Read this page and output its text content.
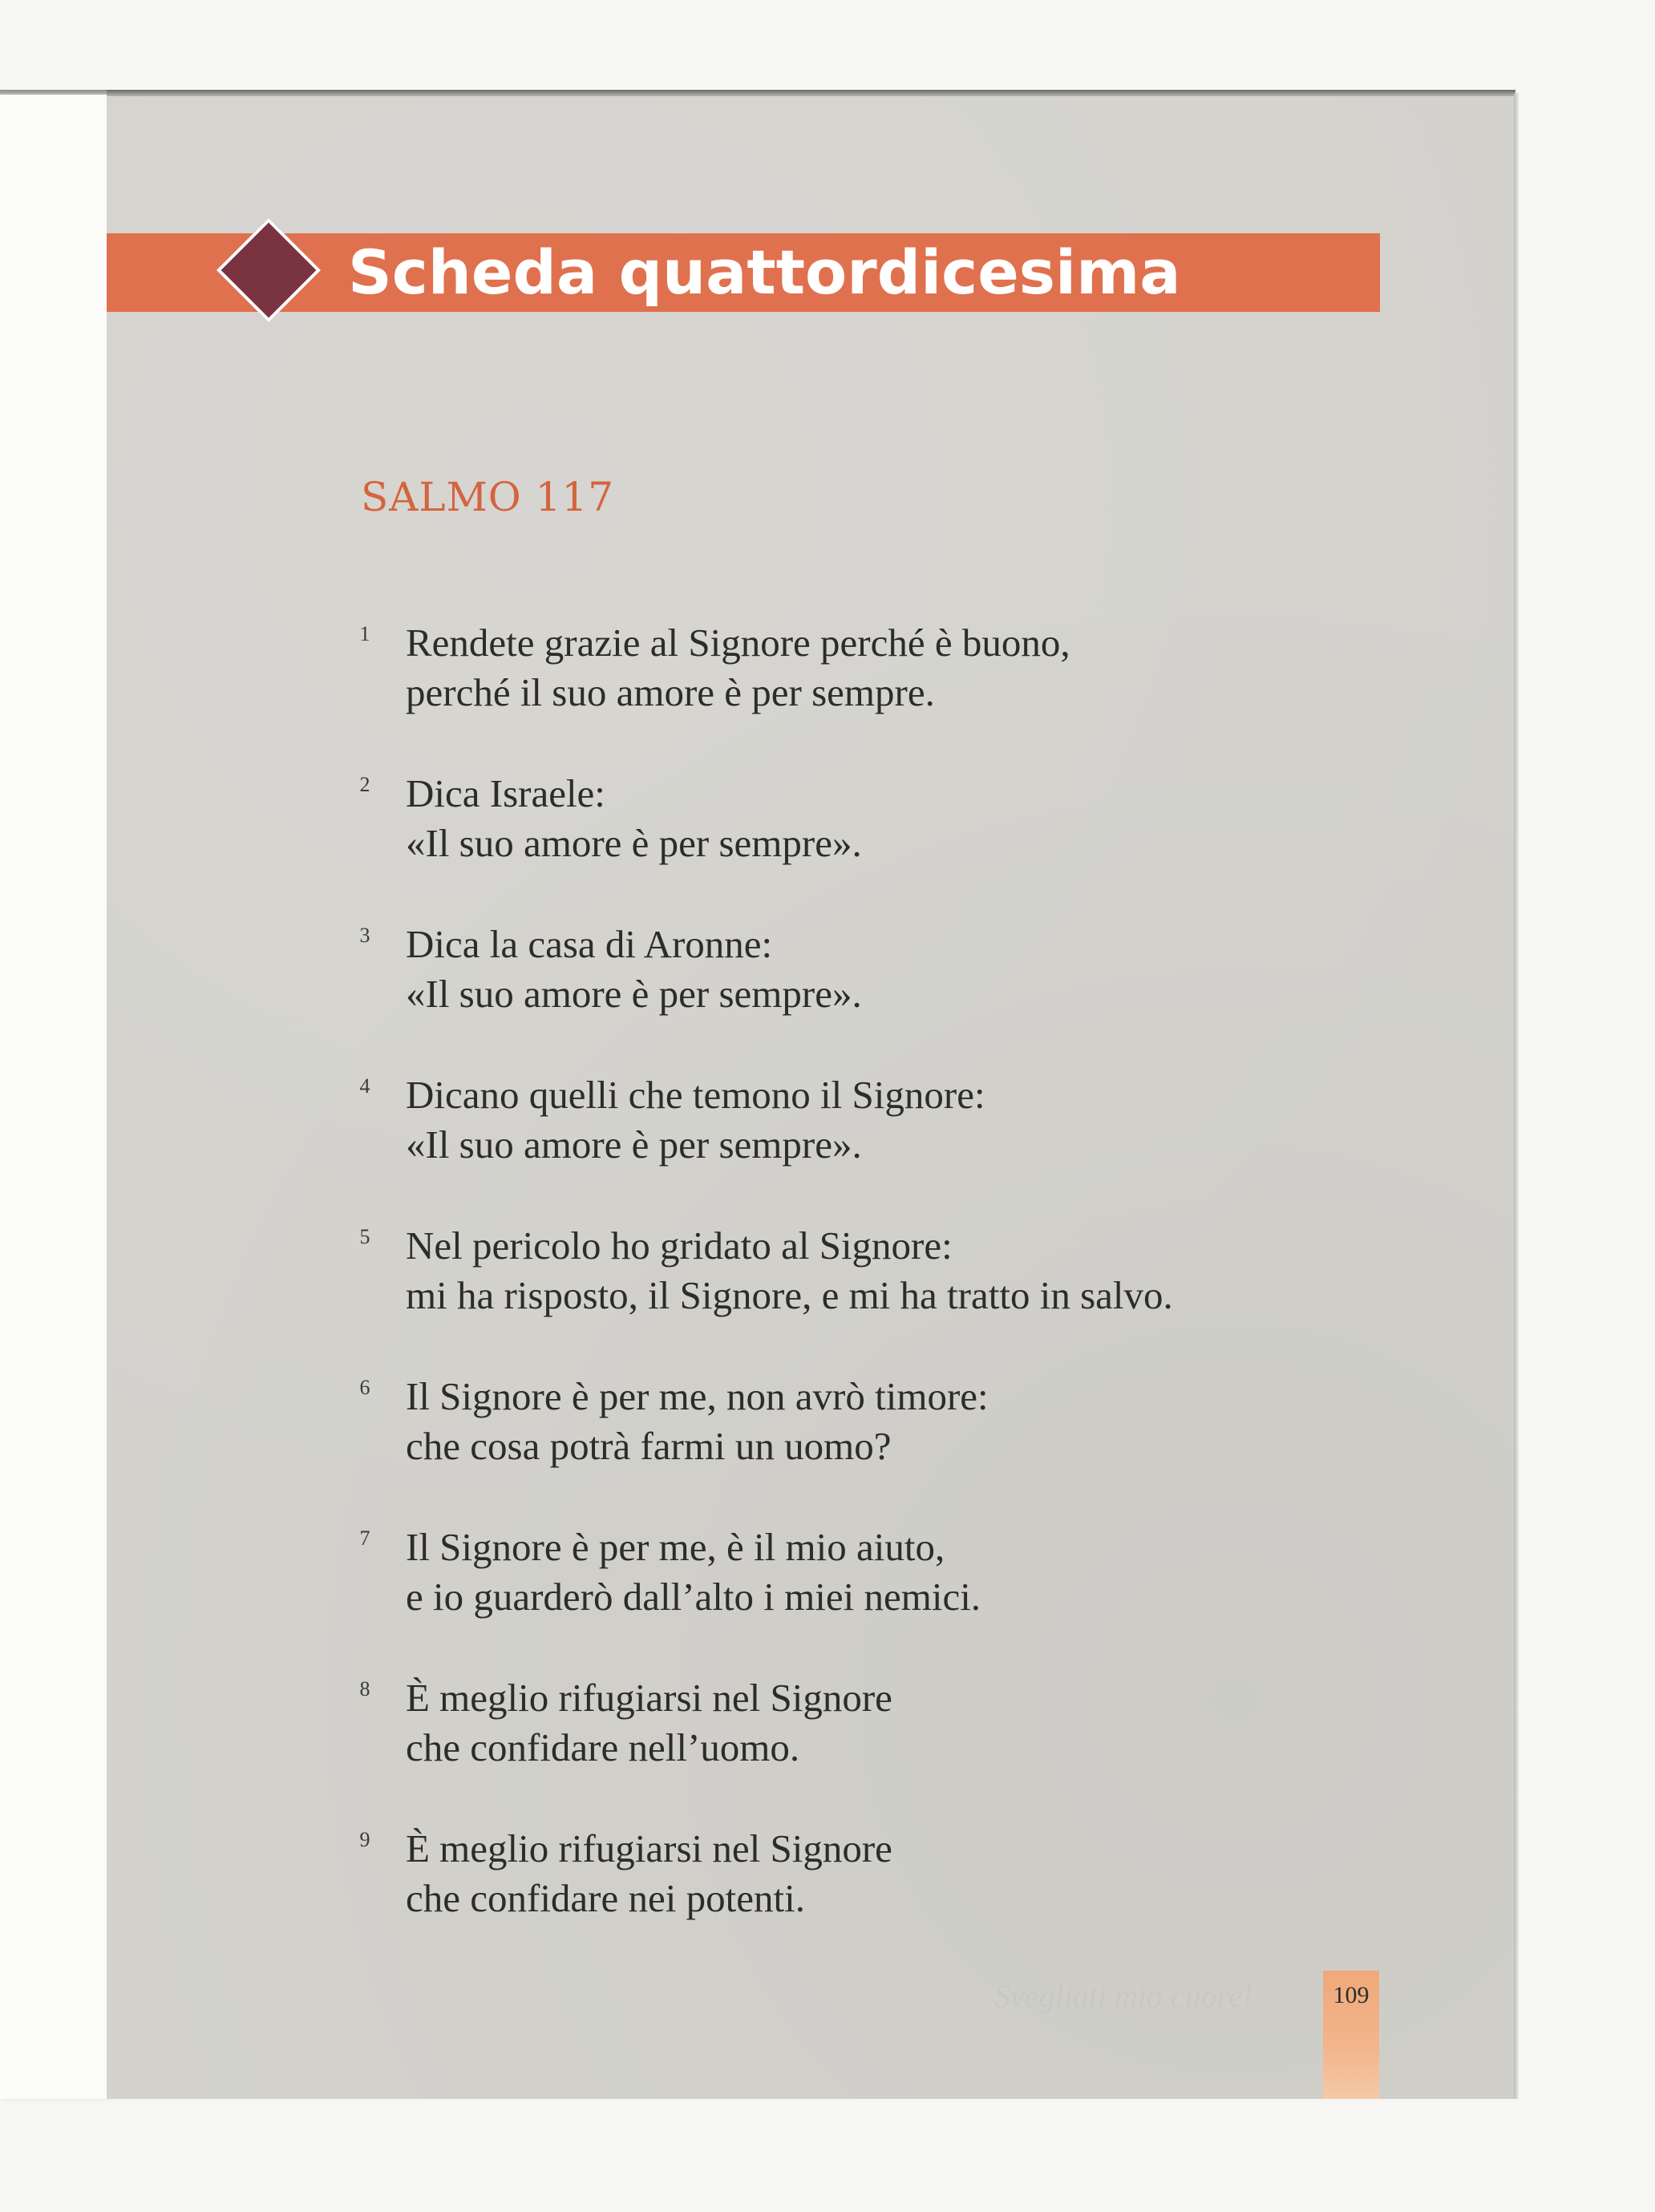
Scheda quattordicesima
SALMO 117
1 Rendete grazie al Signore perché è buono,
perché il suo amore è per sempre.
2 Dica Israele:
«Il suo amore è per sempre».
3 Dica la casa di Aronne:
«Il suo amore è per sempre».
4 Dicano quelli che temono il Signore:
«Il suo amore è per sempre».
5 Nel pericolo ho gridato al Signore:
mi ha risposto, il Signore, e mi ha tratto in salvo.
6 Il Signore è per me, non avrò timore:
che cosa potrà farmi un uomo?
7 Il Signore è per me, è il mio aiuto,
e io guarderò dall’alto i miei nemici.
8 È meglio rifugiarsi nel Signore
che confidare nell’uomo.
9 È meglio rifugiarsi nel Signore
che confidare nei potenti.
Svegliati mio cuore!	109
